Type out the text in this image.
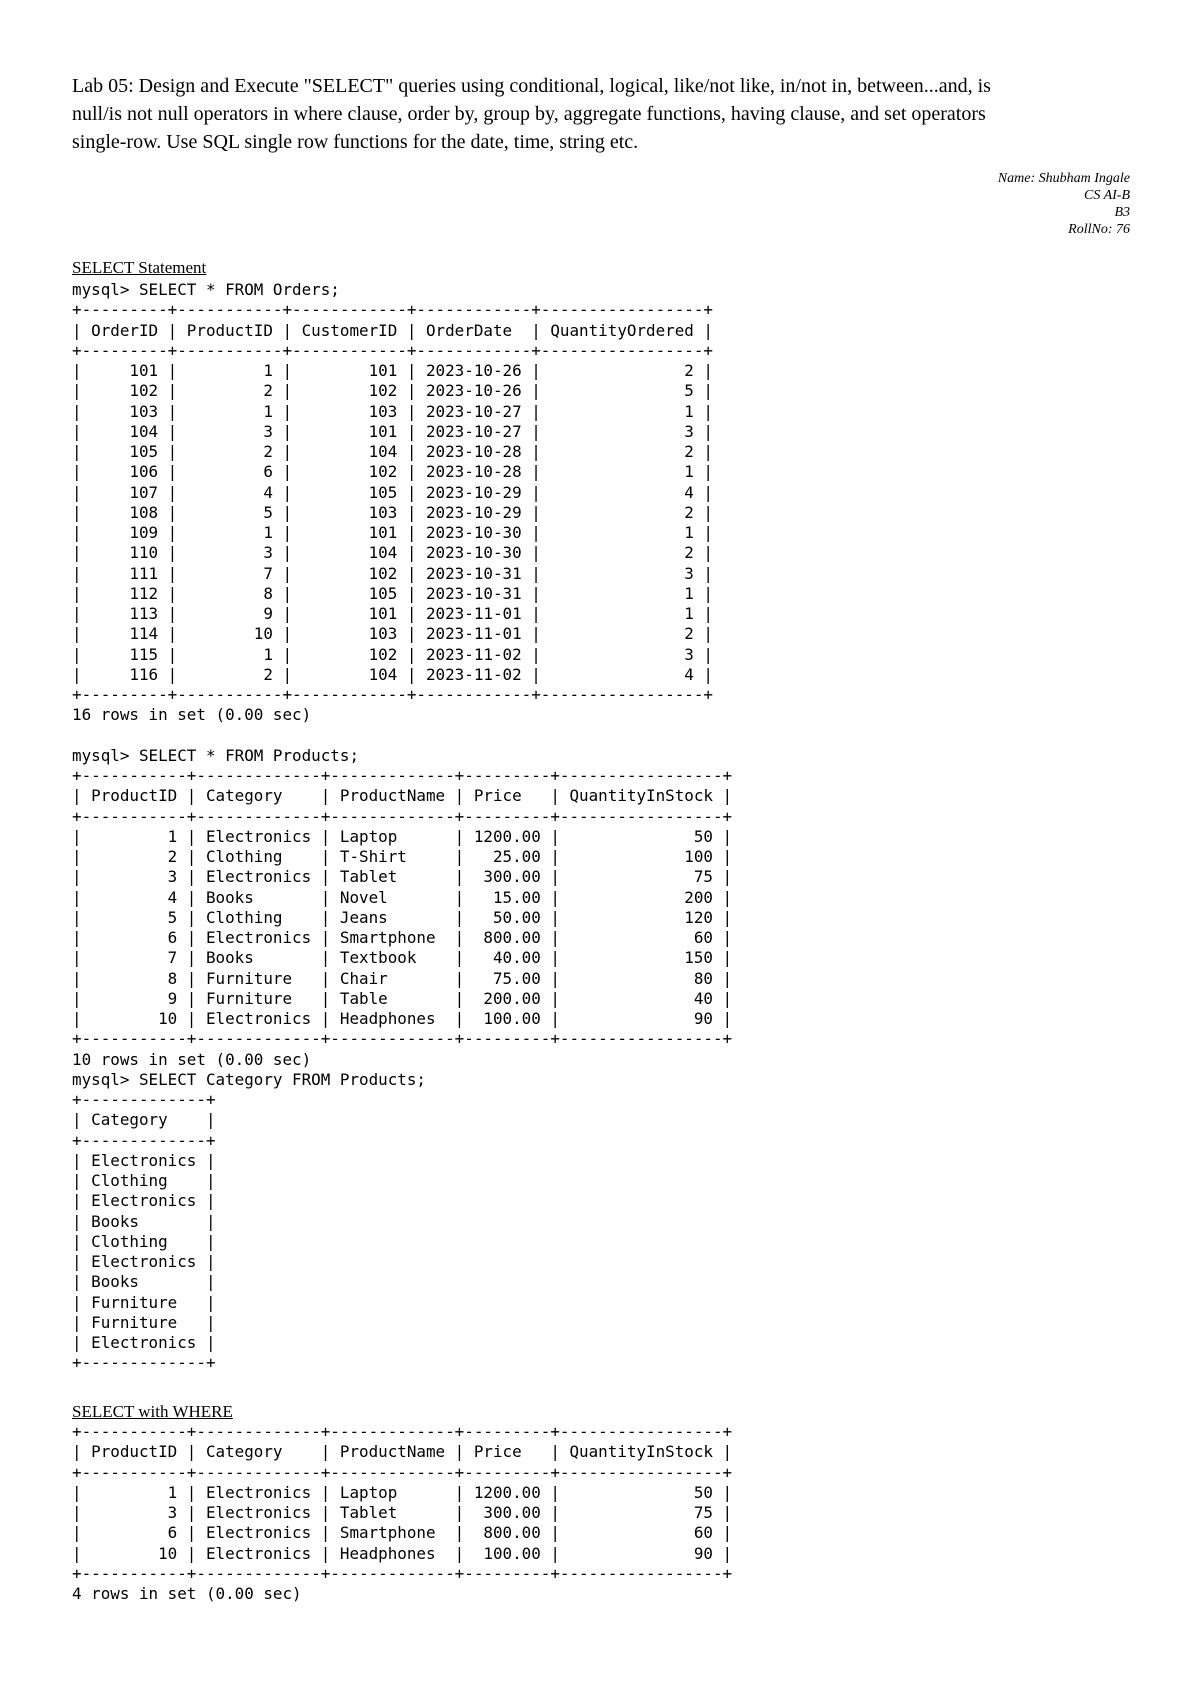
Lab 05: Design and Execute "SELECT" queries using conditional, logical, like/not like, in/not in, between...and, is
null/is not null operators in where clause, order by, group by, aggregate functions, having clause, and set operators
single-row. Use SQL single row functions for the date, time, string etc.
Name: Shubham Ingale
CS AI-B
B3
RollNo: 76
SELECT Statement
mysql> SELECT * FROM Orders;
+---------+-----------+------------+------------+-----------------+
| OrderID | ProductID | CustomerID | OrderDate  | QuantityOrdered |
+---------+-----------+------------+------------+-----------------+
|     101 |         1 |        101 | 2023-10-26 |               2 |
|     102 |         2 |        102 | 2023-10-26 |               5 |
|     103 |         1 |        103 | 2023-10-27 |               1 |
|     104 |         3 |        101 | 2023-10-27 |               3 |
|     105 |         2 |        104 | 2023-10-28 |               2 |
|     106 |         6 |        102 | 2023-10-28 |               1 |
|     107 |         4 |        105 | 2023-10-29 |               4 |
|     108 |         5 |        103 | 2023-10-29 |               2 |
|     109 |         1 |        101 | 2023-10-30 |               1 |
|     110 |         3 |        104 | 2023-10-30 |               2 |
|     111 |         7 |        102 | 2023-10-31 |               3 |
|     112 |         8 |        105 | 2023-10-31 |               1 |
|     113 |         9 |        101 | 2023-11-01 |               1 |
|     114 |        10 |        103 | 2023-11-01 |               2 |
|     115 |         1 |        102 | 2023-11-02 |               3 |
|     116 |         2 |        104 | 2023-11-02 |               4 |
+---------+-----------+------------+------------+-----------------+
16 rows in set (0.00 sec)
mysql> SELECT * FROM Products;
+-----------+-------------+-------------+---------+-----------------+
| ProductID | Category    | ProductName | Price   | QuantityInStock |
+-----------+-------------+-------------+---------+-----------------+
|         1 | Electronics | Laptop      | 1200.00 |              50 |
|         2 | Clothing    | T-Shirt     |   25.00 |             100 |
|         3 | Electronics | Tablet      |  300.00 |              75 |
|         4 | Books       | Novel       |   15.00 |             200 |
|         5 | Clothing    | Jeans       |   50.00 |             120 |
|         6 | Electronics | Smartphone  |  800.00 |              60 |
|         7 | Books       | Textbook    |   40.00 |             150 |
|         8 | Furniture   | Chair       |   75.00 |              80 |
|         9 | Furniture   | Table       |  200.00 |              40 |
|        10 | Electronics | Headphones  |  100.00 |              90 |
+-----------+-------------+-------------+---------+-----------------+
10 rows in set (0.00 sec)
mysql> SELECT Category FROM Products;
+-------------+
| Category    |
+-------------+
| Electronics |
| Clothing    |
| Electronics |
| Books       |
| Clothing    |
| Electronics |
| Books       |
| Furniture   |
| Furniture   |
| Electronics |
+-------------+
SELECT with WHERE
+-----------+-------------+-------------+---------+-----------------+
| ProductID | Category    | ProductName | Price   | QuantityInStock |
+-----------+-------------+-------------+---------+-----------------+
|         1 | Electronics | Laptop      | 1200.00 |              50 |
|         3 | Electronics | Tablet      |  300.00 |              75 |
|         6 | Electronics | Smartphone  |  800.00 |              60 |
|        10 | Electronics | Headphones  |  100.00 |              90 |
+-----------+-------------+-------------+---------+-----------------+
4 rows in set (0.00 sec)
